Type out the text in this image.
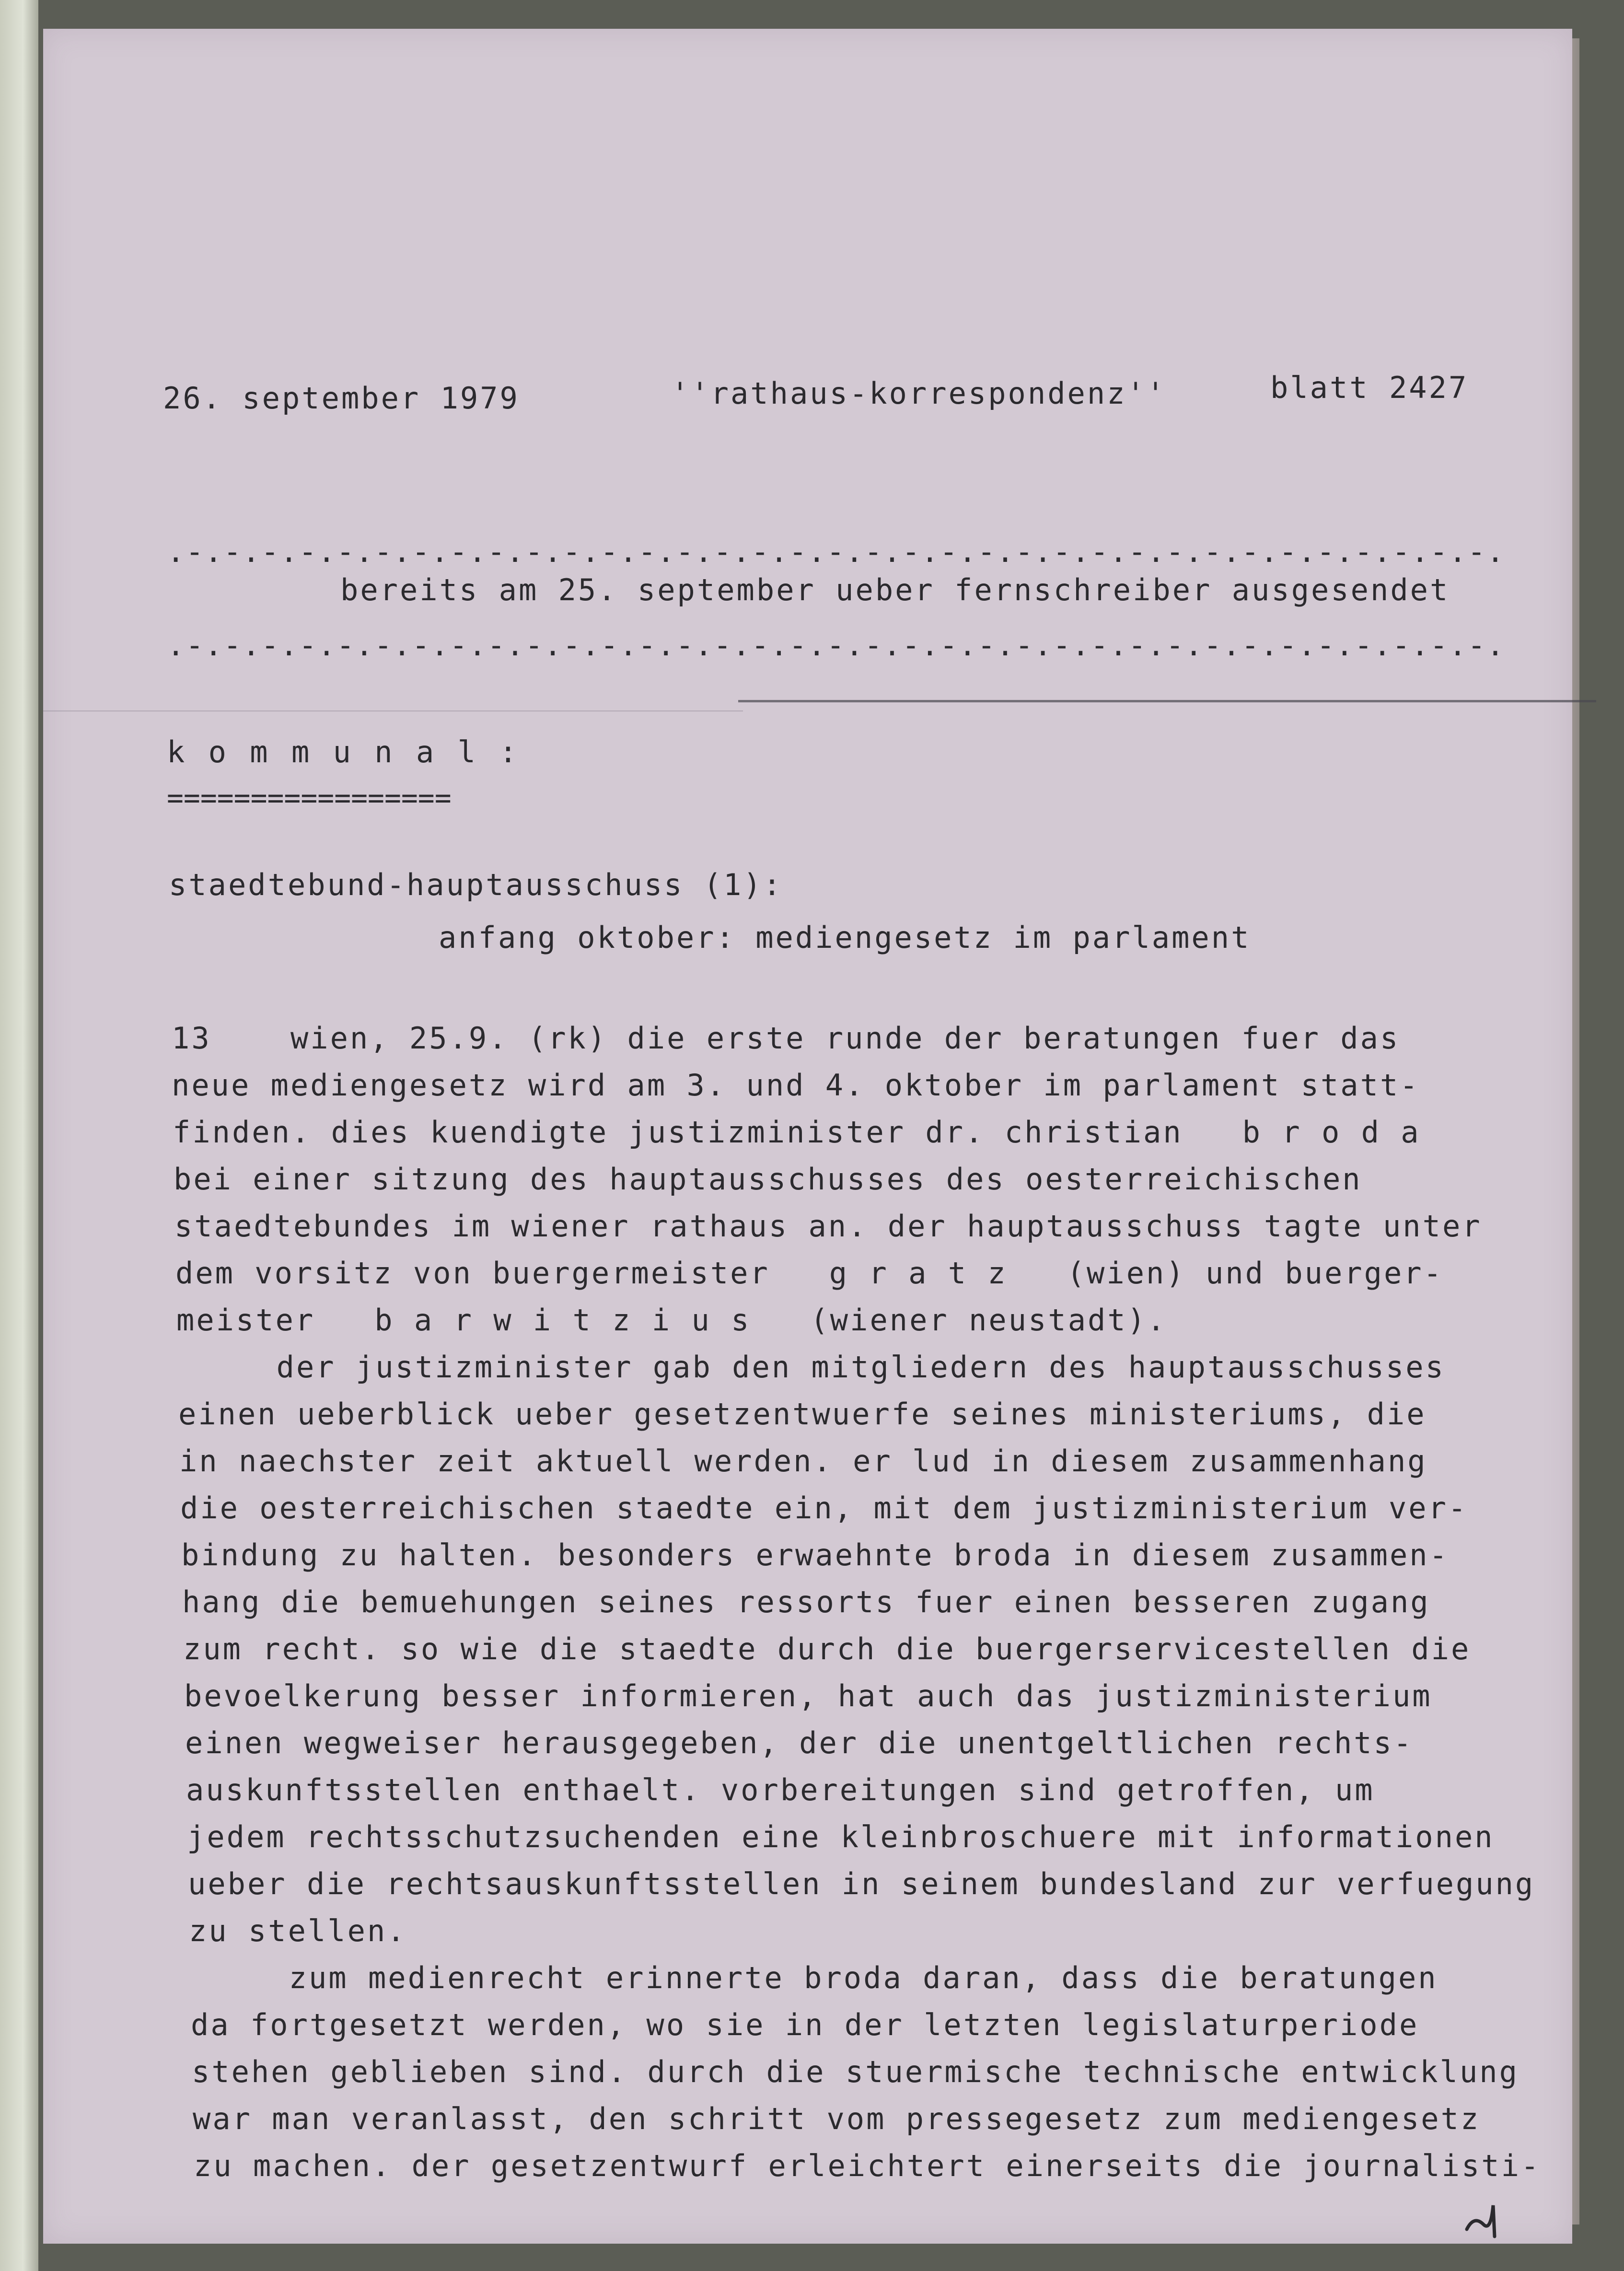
26. september 1979	''rathaus-korrespondenz''	blatt 2427
.-.-.-.-.-.-.-.-.-.-.-.-.-.-.-.-.-.-.-.-.-.-.-.-.-.-.-.-.-.-.-.-.-.-.-.
bereits am 25. september ueber fernschreiber ausgesendet
.-.-.-.-.-.-.-.-.-.-.-.-.-.-.-.-.-.-.-.-.-.-.-.-.-.-.-.-.-.-.-.-.-.-.-.
k o m m u n a l :
=================
staedtebund-hauptausschuss (1):
anfang oktober: mediengesetz im parlament
13    wien, 25.9. (rk) die erste runde der beratungen fuer das
neue mediengesetz wird am 3. und 4. oktober im parlament statt-
finden. dies kuendigte justizminister dr. christian   b r o d a
bei einer sitzung des hauptausschusses des oesterreichischen
staedtebundes im wiener rathaus an. der hauptausschuss tagte unter
dem vorsitz von buergermeister   g r a t z   (wien) und buerger-
meister   b a r w i t z i u s   (wiener neustadt).
der justizminister gab den mitgliedern des hauptausschusses
einen ueberblick ueber gesetzentwuerfe seines ministeriums, die
in naechster zeit aktuell werden. er lud in diesem zusammenhang
die oesterreichischen staedte ein, mit dem justizministerium ver-
bindung zu halten. besonders erwaehnte broda in diesem zusammen-
hang die bemuehungen seines ressorts fuer einen besseren zugang
zum recht. so wie die staedte durch die buergerservicestellen die
bevoelkerung besser informieren, hat auch das justizministerium
einen wegweiser herausgegeben, der die unentgeltlichen rechts-
auskunftsstellen enthaelt. vorbereitungen sind getroffen, um
jedem rechtsschutzsuchenden eine kleinbroschuere mit informationen
ueber die rechtsauskunftsstellen in seinem bundesland zur verfuegung
zu stellen.
zum medienrecht erinnerte broda daran, dass die beratungen
da fortgesetzt werden, wo sie in der letzten legislaturperiode
stehen geblieben sind. durch die stuermische technische entwicklung
war man veranlasst, den schritt vom pressegesetz zum mediengesetz
zu machen. der gesetzentwurf erleichtert einerseits die journalisti-
